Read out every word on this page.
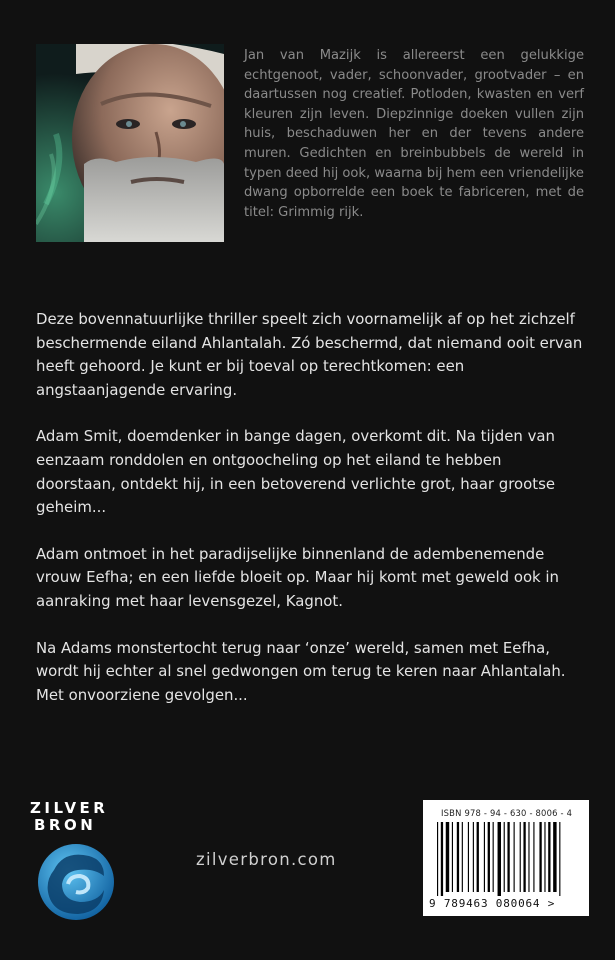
Jan van Mazijk is allereerst een gelukkige echtgenoot, vader, schoonvader, grootvader – en daartussen nog creatief. Potloden, kwasten en verf kleuren zijn leven. Diepzinnige doeken vullen zijn huis, beschaduwen her en der tevens andere muren. Gedichten en breinbubbels de wereld in typen deed hij ook, waarna bij hem een vriendelijke dwang opborrelde een boek te fabriceren, met de titel: Grimmig rijk.

Deze bovennatuurlijke thriller speelt zich voornamelijk af op het zichzelf beschermende eiland Ahlantalah. Zó beschermd, dat niemand ooit ervan heeft gehoord. Je kunt er bij toeval op terechtkomen: een angstaanjagende ervaring.

Adam Smit, doemdenker in bange dagen, overkomt dit. Na tijden van eenzaam ronddolen en ontgoocheling op het eiland te hebben doorstaan, ontdekt hij, in een betoverend verlichte grot, haar grootse geheim...

Adam ontmoet in het paradijselijke binnenland de adembenemende vrouw Eefha; en een liefde bloeit op. Maar hij komt met geweld ook in aanraking met haar levensgezel, Kagnot.

Na Adams monstertocht terug naar ‘onze’ wereld, samen met Eefha, wordt hij echter al snel gedwongen om terug te keren naar Ahlantalah. Met onvoorziene gevolgen...

ZILVER
BRON
zilverbron.com
ISBN 978 - 94 - 630 - 8006 - 4
9 789463 080064 >
